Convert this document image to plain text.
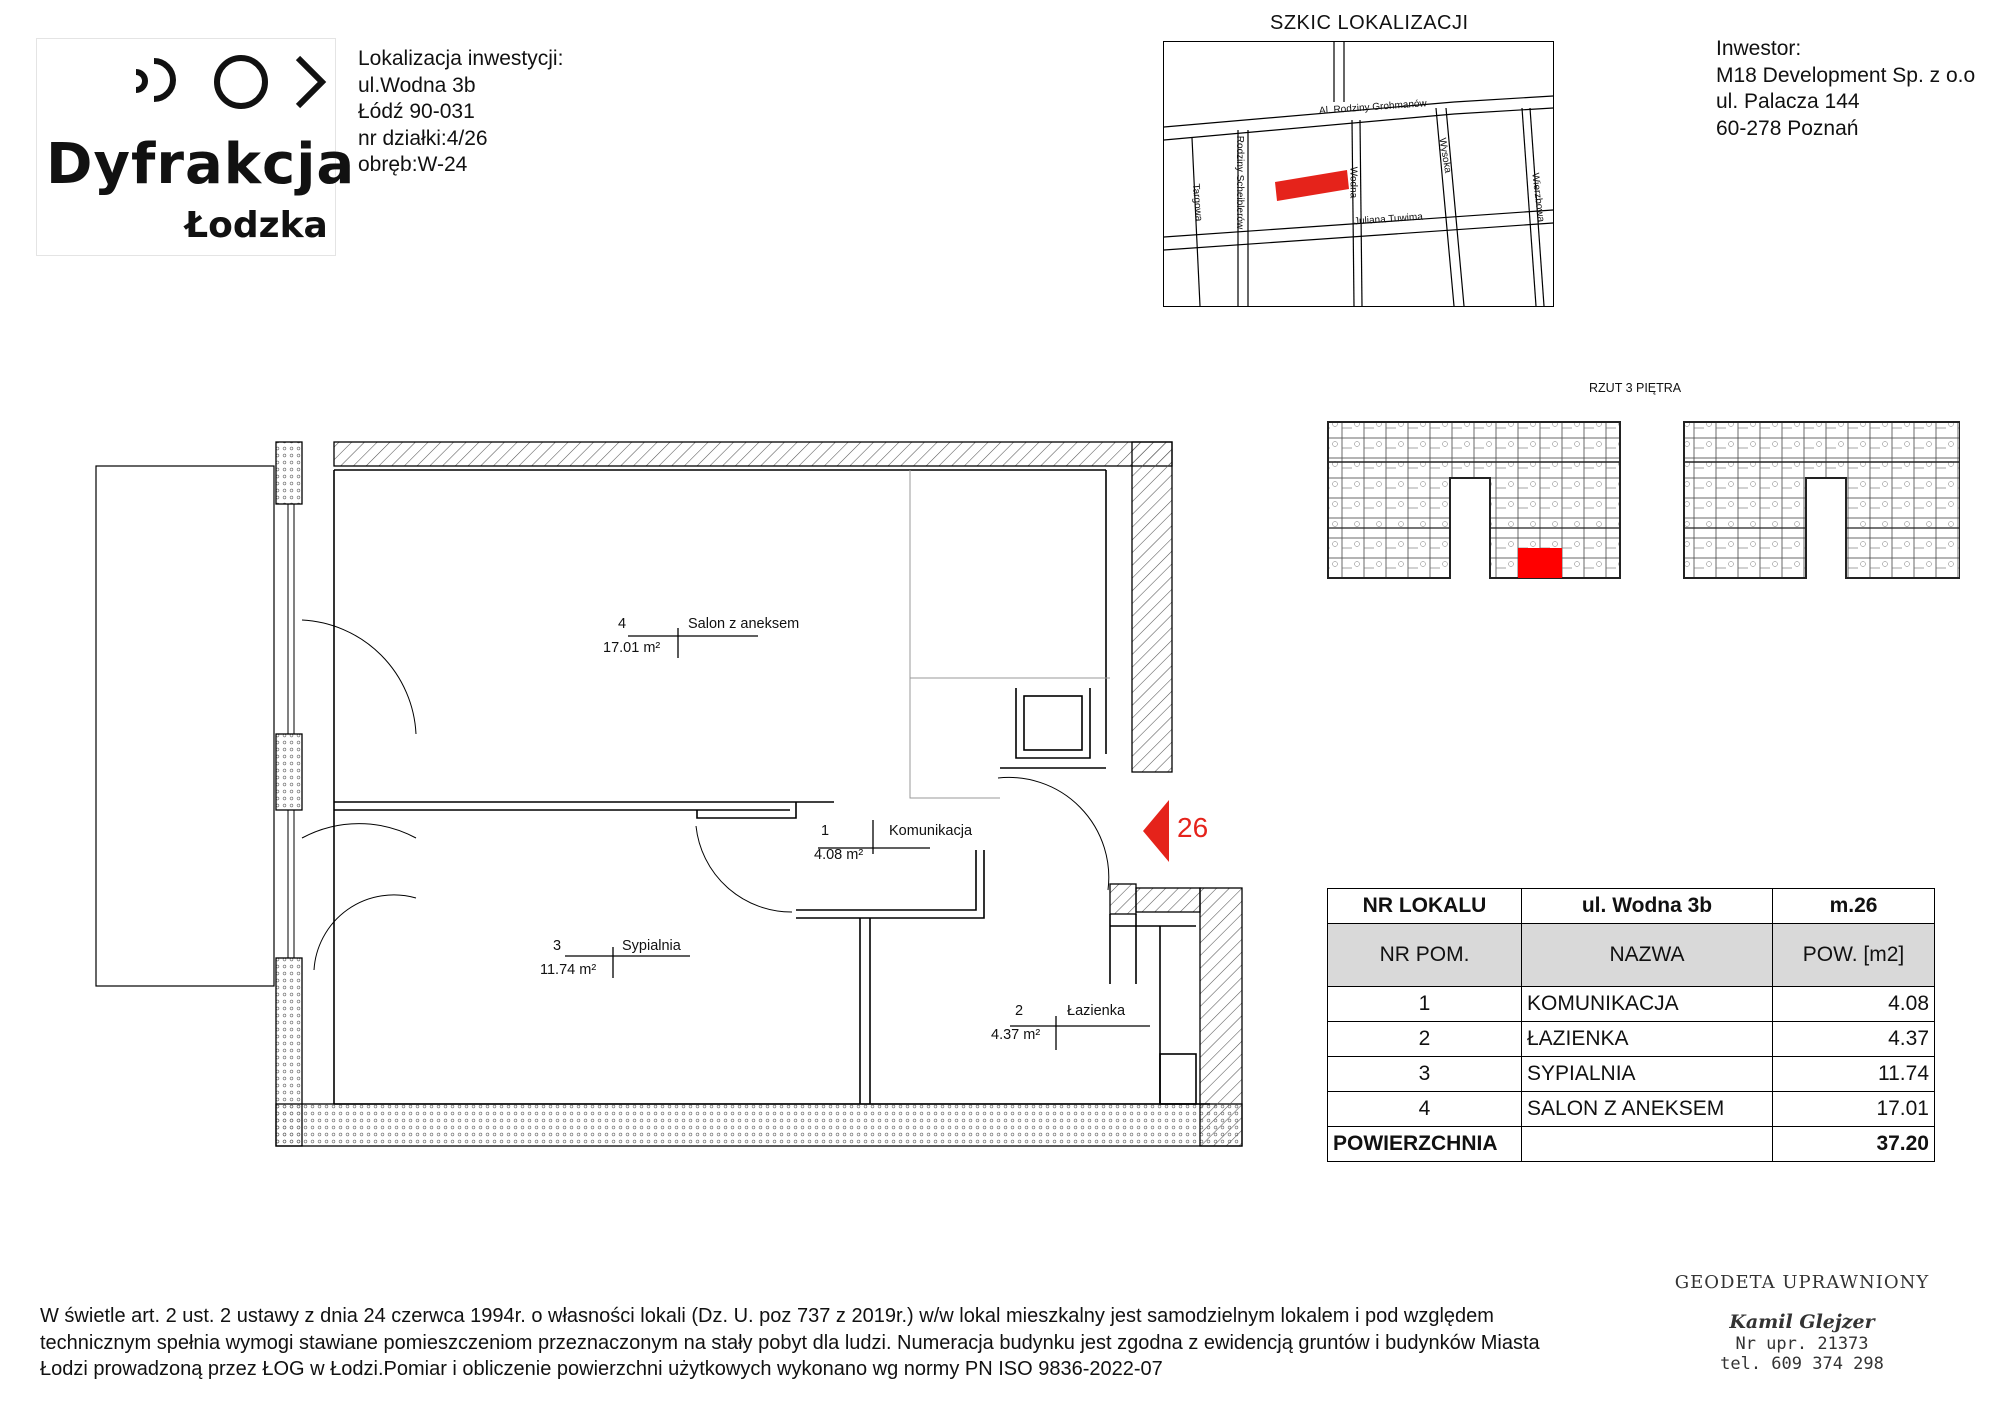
Dyfrakcja
Łodzka
Lokalizacja inwestycji:
ul.Wodna 3b
Łódź 90-031
nr działki:4/26
obręb:W-24
SZKIC LOKALIZACJI
Al. Rodziny Grohmanów
Rodziny Scheiblerów	Wodna
Wysoka
Targowa	Juliana Tuwima	Wierzbowa
Inwestor:
M18 Development Sp. z o.o
ul. Palacza 144
60-278 Poznań
RZUT 3 PIĘTRA
4	Salon z aneksem
17.01 m²
1	Komunikacja
4.08 m²
3	Sypialnia
11.74 m²
2	Łazienka
4.37 m²
26
NR LOKALU	ul. Wodna 3b	m.26
NR POM.	NAZWA	POW. [m2]
1	KOMUNIKACJA	4.08
2	ŁAZIENKA	4.37
3	SYPIALNIA	11.74
4	SALON Z ANEKSEM	17.01
POWIERZCHNIA		37.20
W świetle art. 2 ust. 2 ustawy z dnia 24 czerwca 1994r. o własności lokali (Dz. U. poz 737 z 2019r.) w/w lokal mieszkalny jest samodzielnym lokalem i pod względem
technicznym spełnia wymogi stawiane pomieszczeniom przeznaczonym na stały pobyt dla ludzi. Numeracja budynku jest zgodna z ewidencją gruntów i budynków Miasta
Łodzi prowadzoną przez ŁOG w Łodzi.Pomiar i obliczenie powierzchni użytkowych wykonano wg normy PN ISO 9836-2022-07
GEODETA UPRAWNIONY
Kamil Glejzer
Nr upr. 21373
tel. 609 374 298
